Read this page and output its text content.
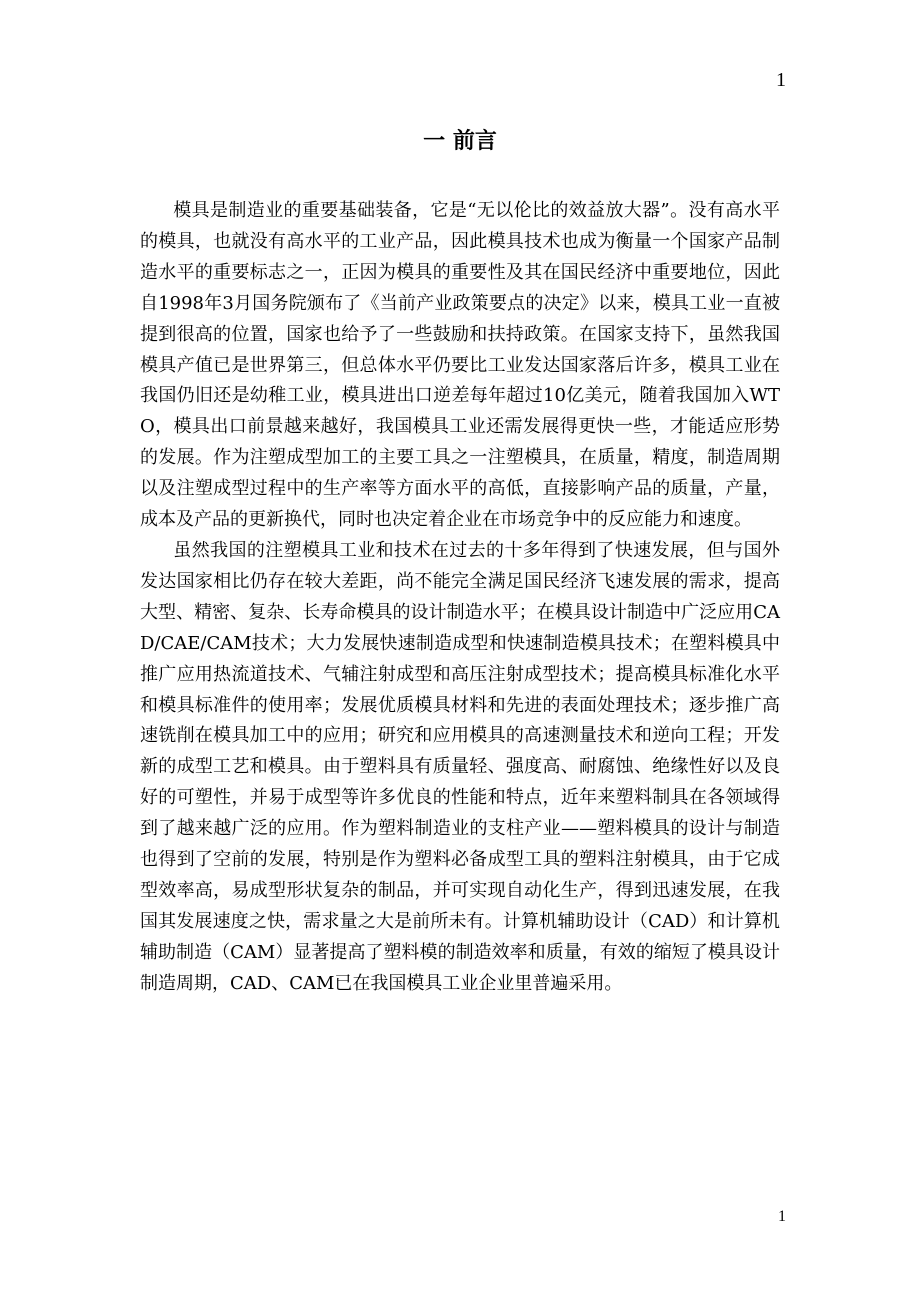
1
一 前言

模具是制造业的重要基础装备，它是“无以伦比的效益放大器”。没有高水平的模具，也就没有高水平的工业产品，因此模具技术也成为衡量一个国家产品制造水平的重要标志之一，正因为模具的重要性及其在国民经济中重要地位，因此自1998年3月国务院颁布了《当前产业政策要点的决定》以来，模具工业一直被提到很高的位置，国家也给予了一些鼓励和扶持政策。在国家支持下，虽然我国模具产值已是世界第三，但总体水平仍要比工业发达国家落后许多，模具工业在我国仍旧还是幼稚工业，模具进出口逆差每年超过10亿美元，随着我国加入WTO，模具出口前景越来越好，我国模具工业还需发展得更快一些，才能适应形势的发展。作为注塑成型加工的主要工具之一注塑模具，在质量，精度，制造周期以及注塑成型过程中的生产率等方面水平的高低，直接影响产品的质量，产量，成本及产品的更新换代，同时也决定着企业在市场竞争中的反应能力和速度。

虽然我国的注塑模具工业和技术在过去的十多年得到了快速发展，但与国外发达国家相比仍存在较大差距，尚不能完全满足国民经济飞速发展的需求，提高大型、精密、复杂、长寿命模具的设计制造水平；在模具设计制造中广泛应用CAD/CAE/CAM技术；大力发展快速制造成型和快速制造模具技术；在塑料模具中推广应用热流道技术、气辅注射成型和高压注射成型技术；提高模具标准化水平和模具标准件的使用率；发展优质模具材料和先进的表面处理技术；逐步推广高速铣削在模具加工中的应用；研究和应用模具的高速测量技术和逆向工程；开发新的成型工艺和模具。由于塑料具有质量轻、强度高、耐腐蚀、绝缘性好以及良好的可塑性，并易于成型等许多优良的性能和特点，近年来塑料制具在各领域得到了越来越广泛的应用。作为塑料制造业的支柱产业——塑料模具的设计与制造也得到了空前的发展，特别是作为塑料必备成型工具的塑料注射模具，由于它成型效率高，易成型形状复杂的制品，并可实现自动化生产，得到迅速发展，在我国其发展速度之快，需求量之大是前所未有。计算机辅助设计（CAD）和计算机辅助制造（CAM）显著提高了塑料模的制造效率和质量，有效的缩短了模具设计制造周期，CAD、CAM已在我国模具工业企业里普遍采用。

1
